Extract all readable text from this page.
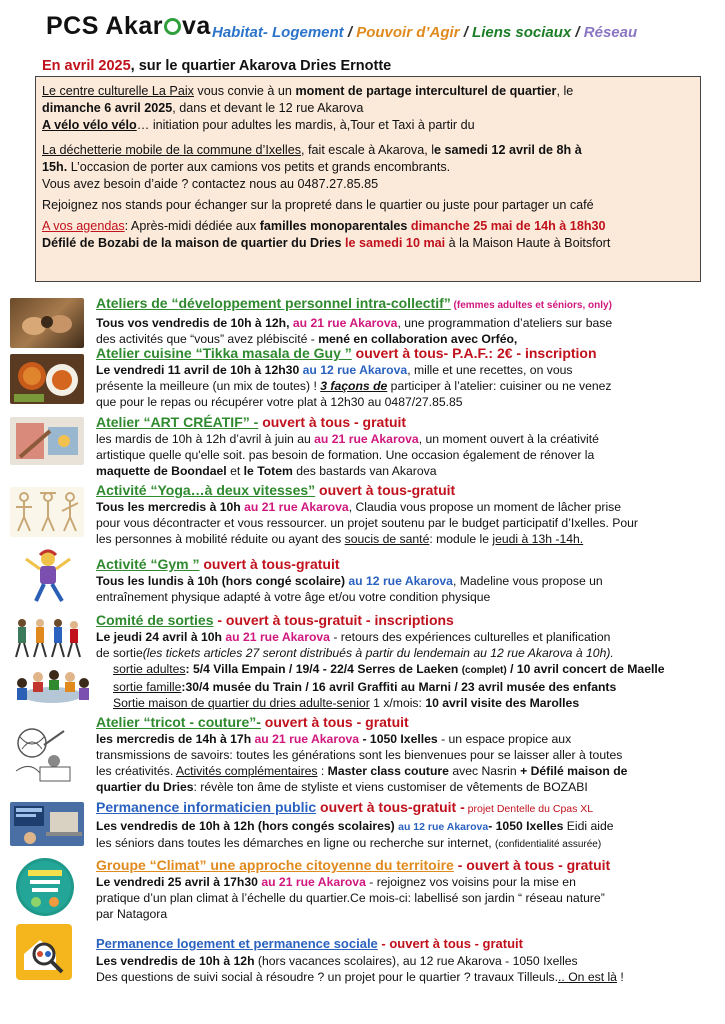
PCS Akar va Habitat- Logement / Pouvoir d’Agir / Liens sociaux / Réseau
En avril 2025, sur le quartier Akarova Dries Ernotte

Le centre culturelle La Paix vous convie à un moment de partage interculturel de quartier, le

dimanche 6 avril 2025, dans et devant le 12 rue Akarova

A vélo vélo vélo… initiation pour adultes les mardis, à,Tour et Taxi à partir du

La déchetterie mobile de la commune d’Ixelles, fait escale à Akarova, le samedi 12 avril de 8h à

15h. L’occasion de porter aux camions vos petits et grands encombrants.

Vous avez besoin d’aide ? contactez nous au 0487.27.85.85

Rejoignez nos stands pour échanger sur la propreté dans le quartier ou juste pour partager un café

A vos agendas: Après-midi dédiée aux familles monoparentales dimanche 25 mai de 14h à 18h30

Défilé de Bozabi de la maison de quartier du Dries le samedi 10 mai à la Maison Haute à Boitsfort

Ateliers de “développement personnel intra-collectif” (femmes adultes et séniors, only)

Tous vos vendredis de 10h à 12h, au 21 rue Akarova, une programmation d’ateliers sur base

des activités que “vous” avez plébiscité - mené en collaboration avec Orféo,

Atelier cuisine “Tikka masala de Guy ” ouvert à tous- P.A.F.: 2€ - inscription

Le vendredi 11 avril de 10h à 12h30 au 12 rue Akarova, mille et une recettes, on vous

présente la meilleure (un mix de toutes) ! 3 façons de participer à l’atelier: cuisiner ou ne venez

que pour le repas ou récupérer votre plat à 12h30 au 0487/27.85.85

Atelier “ART CRÉATIF” - ouvert à tous - gratuit

les mardis de 10h à 12h d’avril à juin au au 21 rue Akarova, un moment ouvert à la créativité

artistique quelle qu'elle soit. pas besoin de formation. Une occasion également de rénover la

maquette de Boondael et le Totem des bastards van Akarova

Activité “Yoga…à deux vitesses” ouvert à tous-gratuit

Tous les mercredis à 10h au 21 rue Akarova, Claudia vous propose un moment de lâcher prise

pour vous décontracter et vous ressourcer. un projet soutenu par le budget participatif d’Ixelles. Pour

les personnes à mobilité réduite ou ayant des soucis de santé: module le jeudi à 13h -14h.

Activité “Gym ” ouvert à tous-gratuit

Tous les lundis à 10h (hors congé scolaire) au 12 rue Akarova, Madeline vous propose un

entraînement physique adapté à votre âge et/ou votre condition physique

Comité de sorties - ouvert à tous-gratuit - inscriptions

Le jeudi 24 avril à 10h au 21 rue Akarova - retours des expériences culturelles et planification

de sortie(les tickets articles 27 seront distribués à partir du lendemain au 12 rue Akarova à 10h).

sortie adultes: 5/4 Villa Empain / 19/4 - 22/4 Serres de Laeken (complet) / 10 avril concert de Maelle

sortie famille:30/4 musée du Train / 16 avril Graffiti au Marni / 23 avril musée des enfants

Sortie maison de quartier du dries adulte-senior 1 x/mois: 10 avril visite des Marolles

Atelier “tricot - couture”- ouvert à tous - gratuit

les mercredis de 14h à 17h au 21 rue Akarova - 1050 Ixelles - un espace propice aux

transmissions de savoirs: toutes les générations sont les bienvenues pour se laisser aller à toutes

les créativités. Activités complémentaires : Master class couture avec Nasrin + Défilé maison de

quartier du Dries: révèle ton âme de styliste et viens customiser de vêtements de BOZABI

Permanence informaticien public ouvert à tous-gratuit - projet Dentelle du Cpas XL

Les vendredis de 10h à 12h (hors congés scolaires) au 12 rue Akarova- 1050 Ixelles Eidi aide

les séniors dans toutes les démarches en ligne ou recherche sur internet, (confidentialité assurée)

Groupe “Climat” une approche citoyenne du territoire - ouvert à tous - gratuit

Le vendredi 25 avril à 17h30 au 21 rue Akarova - rejoignez vos voisins pour la mise en

pratique d’un plan climat à l’échelle du quartier.Ce mois-ci: labellisé son jardin “ réseau nature”

par Natagora

Permanence logement et permanence sociale - ouvert à tous - gratuit

Les vendredis de 10h à 12h (hors vacances scolaires), au 12 rue Akarova - 1050 Ixelles

Des questions de suivi social à résoudre ? un projet pour le quartier ? travaux Tilleuls... On est là !
